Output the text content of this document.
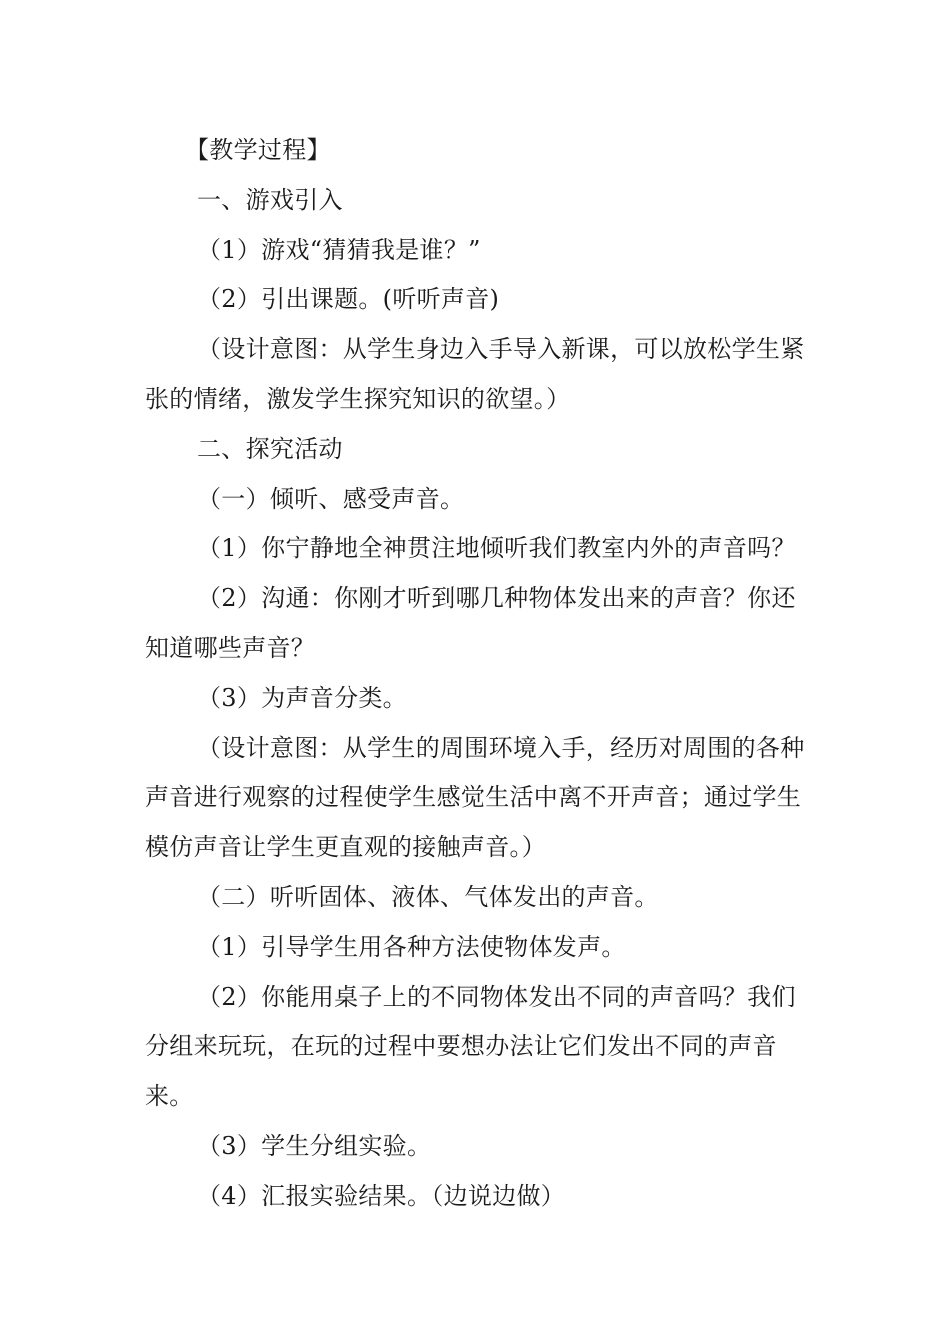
【教学过程】

一、游戏引入

（1）游戏“猜猜我是谁？”

（2）引出课题。(听听声音)

（设计意图：从学生身边入手导入新课，可以放松学生紧张的情绪，激发学生探究知识的欲望。）

二、探究活动

（一）倾听、感受声音。

（1）你宁静地全神贯注地倾听我们教室内外的声音吗？

（2）沟通：你刚才听到哪几种物体发出来的声音？你还知道哪些声音？

（3）为声音分类。

（设计意图：从学生的周围环境入手，经历对周围的各种声音进行观察的过程使学生感觉生活中离不开声音；通过学生模仿声音让学生更直观的接触声音。）

（二）听听固体、液体、气体发出的声音。

（1）引导学生用各种方法使物体发声。

（2）你能用桌子上的不同物体发出不同的声音吗？我们分组来玩玩，在玩的过程中要想办法让它们发出不同的声音来。

（3）学生分组实验。

（4）汇报实验结果。（边说边做）
